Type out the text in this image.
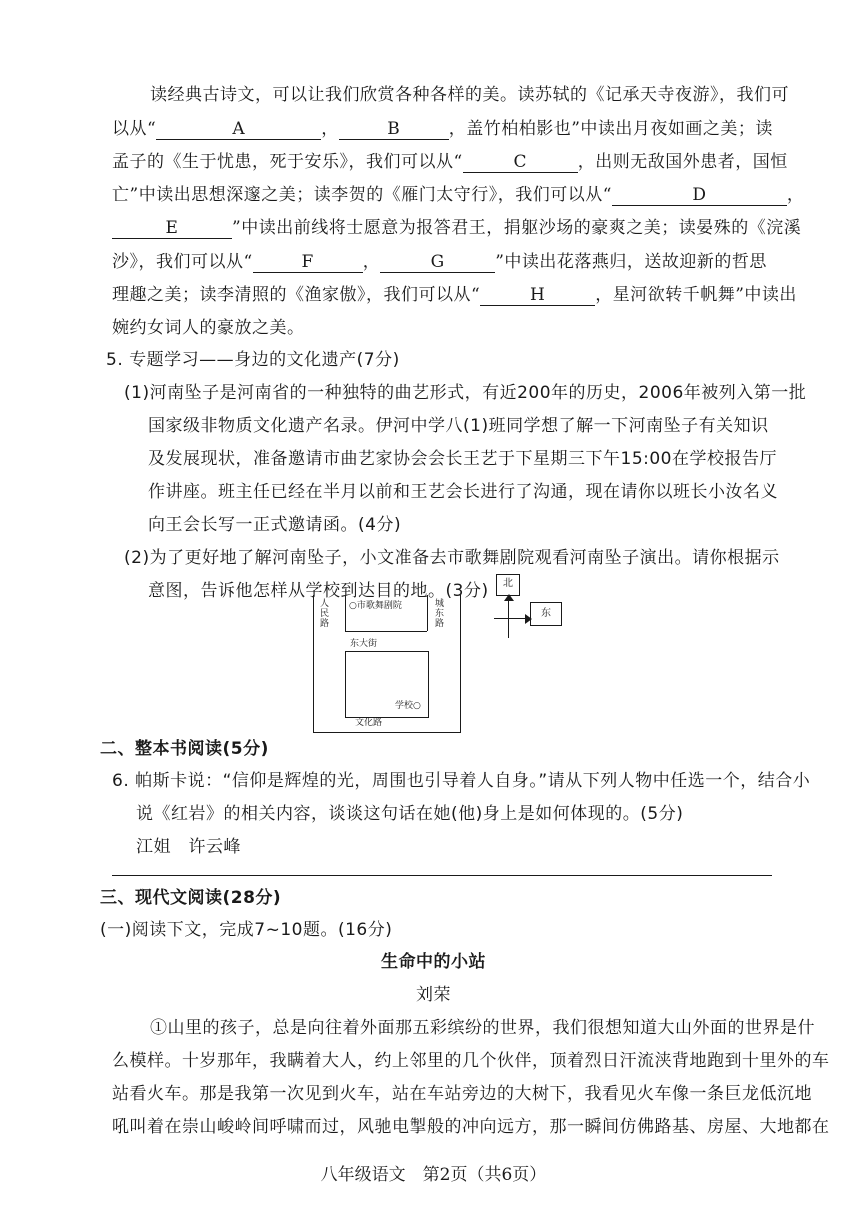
读经典古诗文，可以让我们欣赏各种各样的美。读苏轼的《记承天寺夜游》，我们可
以从“	A	，	B	，盖竹柏柏影也”中读出月夜如画之美；读
孟子的《生于忧患，死于安乐》，我们可以从“	C	，出则无敌国外患者，国恒
亡”中读出思想深邃之美；读李贺的《雁门太守行》，我们可以从“	D	，
E	”中读出前线将士愿意为报答君王，捐躯沙场的豪爽之美；读晏殊的《浣溪
沙》，我们可以从“	F	，	G	”中读出花落燕归，送故迎新的哲思
理趣之美；读李清照的《渔家傲》，我们可以从“	H	，星河欲转千帆舞”中读出
婉约女词人的豪放之美。
5. 专题学习——身边的文化遗产(7分)
(1)河南坠子是河南省的一种独特的曲艺形式，有近200年的历史，2006年被列入第一批
国家级非物质文化遗产名录。伊河中学八(1)班同学想了解一下河南坠子有关知识
及发展现状，准备邀请市曲艺家协会会长王艺于下星期三下午15:00在学校报告厅
作讲座。班主任已经在半月以前和王艺会长进行了沟通，现在请你以班长小汝名义
向王会长写一正式邀请函。(4分)
(2)为了更好地了解河南坠子，小文准备去市歌舞剧院观看河南坠子演出。请你根据示
意图，告诉他怎样从学校到达目的地。(3分)
人民路
○市歌舞剧院	城东路
东大街
学校○
文化路
北
东
二、整本书阅读(5分)
6. 帕斯卡说：“信仰是辉煌的光，周围也引导着人自身。”请从下列人物中任选一个，结合小
说《红岩》的相关内容，谈谈这句话在她(他)身上是如何体现的。(5分)
江姐　许云峰
三、现代文阅读(28分)
(一)阅读下文，完成7~10题。(16分)
生命中的小站
刘荣
①山里的孩子，总是向往着外面那五彩缤纷的世界，我们很想知道大山外面的世界是什
么模样。十岁那年，我瞒着大人，约上邻里的几个伙伴，顶着烈日汗流浃背地跑到十里外的车
站看火车。那是我第一次见到火车，站在车站旁边的大树下，我看见火车像一条巨龙低沉地
吼叫着在崇山峻岭间呼啸而过，风驰电掣般的冲向远方，那一瞬间仿佛路基、房屋、大地都在
八年级语文　第2页（共6页）
